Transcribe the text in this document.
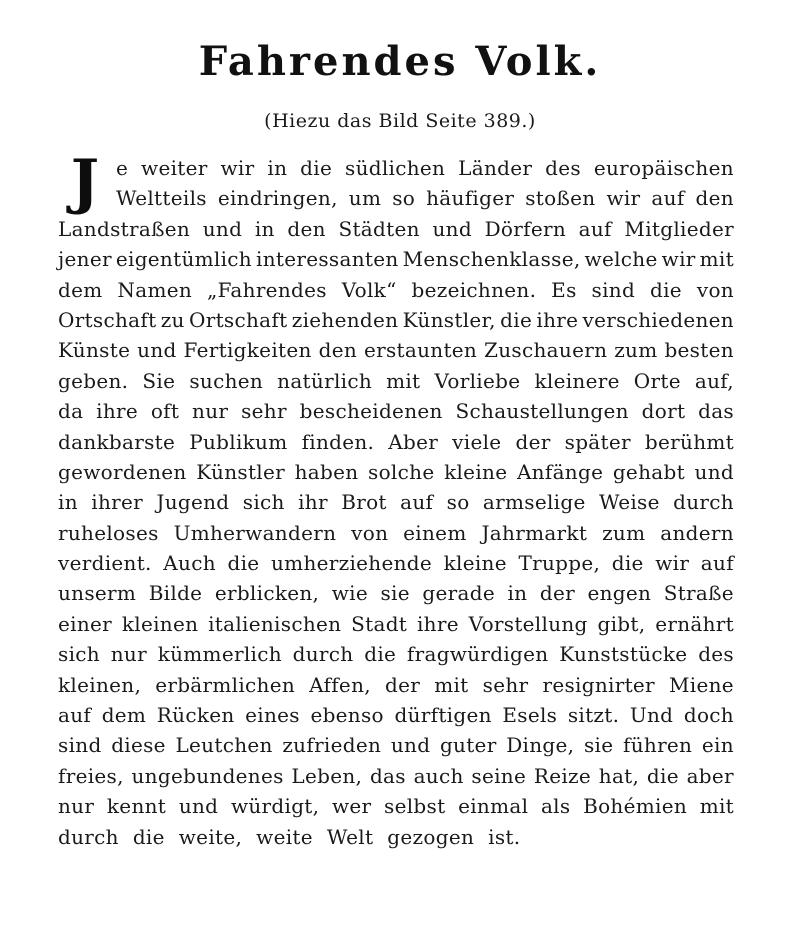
Fahrendes Volk.
(Hiezu das Bild Seite 389.)
J e weiter wir in die südlichen Länder des europäischen
Weltteils eindringen, um so häufiger stoßen wir auf den
Landstraßen und in den Städten und Dörfern auf Mitglieder
jener eigentümlich interessanten Menschenklasse, welche wir mit
dem Namen „Fahrendes Volk“ bezeichnen. Es sind die von
Ortschaft zu Ortschaft ziehenden Künstler, die ihre verschiedenen
Künste und Fertigkeiten den erstaunten Zuschauern zum besten
geben. Sie suchen natürlich mit Vorliebe kleinere Orte auf,
da ihre oft nur sehr bescheidenen Schaustellungen dort das
dankbarste Publikum finden. Aber viele der später berühmt
gewordenen Künstler haben solche kleine Anfänge gehabt und
in ihrer Jugend sich ihr Brot auf so armselige Weise durch
ruheloses Umherwandern von einem Jahrmarkt zum andern
verdient. Auch die umherziehende kleine Truppe, die wir auf
unserm Bilde erblicken, wie sie gerade in der engen Straße
einer kleinen italienischen Stadt ihre Vorstellung gibt, ernährt
sich nur kümmerlich durch die fragwürdigen Kunststücke des
kleinen, erbärmlichen Affen, der mit sehr resignirter Miene
auf dem Rücken eines ebenso dürftigen Esels sitzt. Und doch
sind diese Leutchen zufrieden und guter Dinge, sie führen ein
freies, ungebundenes Leben, das auch seine Reize hat, die aber
nur kennt und würdigt, wer selbst einmal als Bohémien mit
durch die weite, weite Welt gezogen ist.
